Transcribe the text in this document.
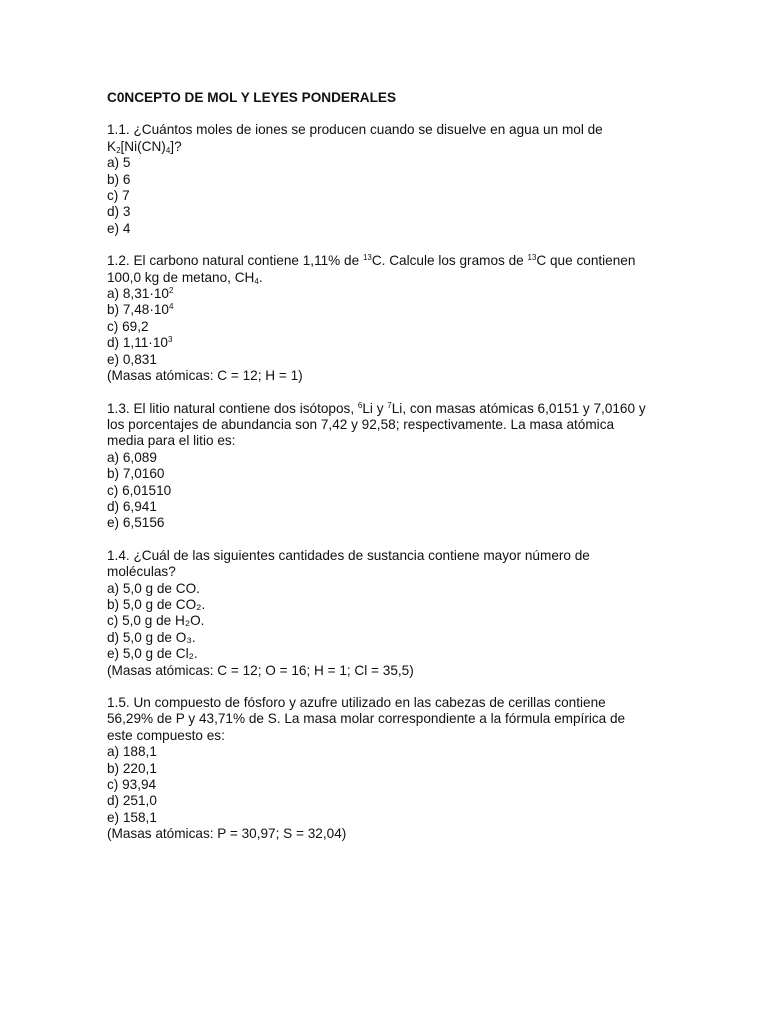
C0NCEPTO DE MOL Y LEYES PONDERALES
1.1. ¿Cuántos moles de iones se producen cuando se disuelve en agua un mol de
$K_2[Ni(CN)_4]$?
a) 5
b) 6
c) 7
d) 3
e) 4
1.2. El carbono natural contiene 1,11% de $^{13}$C. Calcule los gramos de $^{13}$C que contienen
100,0 kg de metano, $CH_4$.
a) $8,31\cdot 10^2$
b) $7,48\cdot 10^4$
c) 69,2
d) $1,11\cdot 10^3$
e) 0,831
(Masas atómicas: C = 12; H = 1)
1.3. El litio natural contiene dos isótopos, $^6$Li y $^7$Li, con masas atómicas 6,0151 y 7,0160 y
los porcentajes de abundancia son 7,42 y 92,58; respectivamente. La masa atómica
media para el litio es:
a) 6,089
b) 7,0160
c) 6,01510
d) 6,941
e) 6,5156
1.4. ¿Cuál de las siguientes cantidades de sustancia contiene mayor número de
moléculas?
a) 5,0 g de CO.
b) 5,0 g de CO₂.
c) 5,0 g de H₂O.
d) 5,0 g de O₃.
e) 5,0 g de Cl₂.
(Masas atómicas: C = 12; O = 16; H = 1; Cl = 35,5)
1.5. Un compuesto de fósforo y azufre utilizado en las cabezas de cerillas contiene
56,29% de P y 43,71% de S. La masa molar correspondiente a la fórmula empírica de
este compuesto es:
a) 188,1
b) 220,1
c) 93,94
d) 251,0
e) 158,1
(Masas atómicas: P = 30,97; S = 32,04)
